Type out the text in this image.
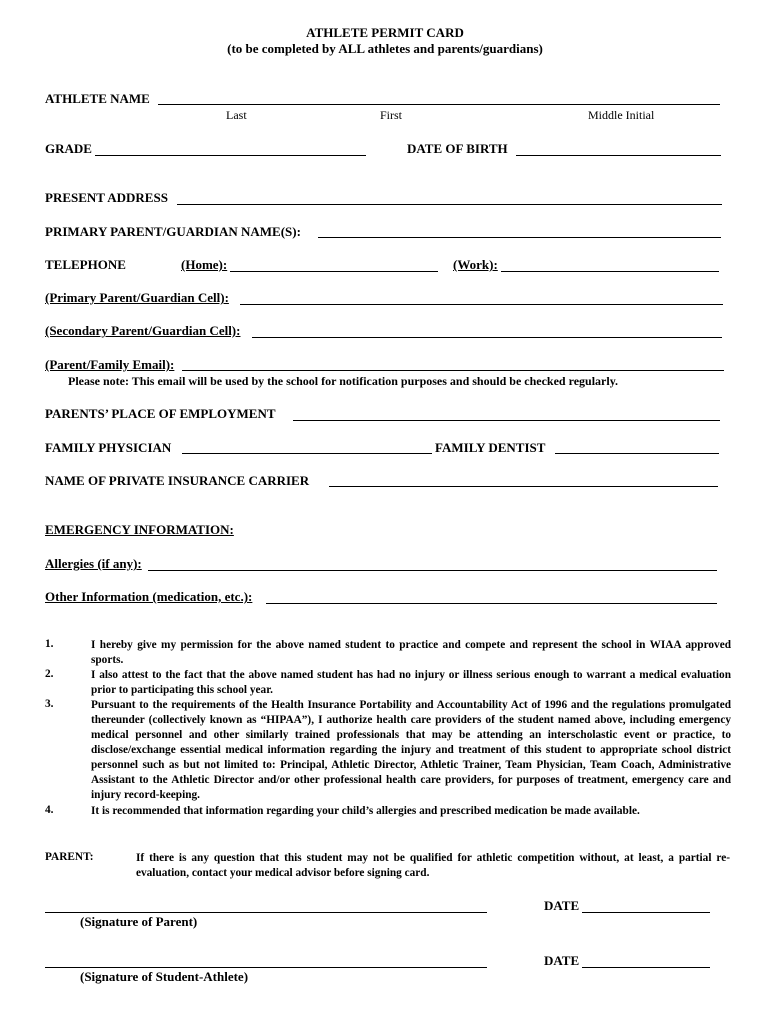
ATHLETE PERMIT CARD
(to be completed by ALL athletes and parents/guardians)
ATHLETE NAME
Last	First	Middle Initial
GRADE	DATE OF BIRTH
PRESENT ADDRESS
PRIMARY PARENT/GUARDIAN NAME(S):
TELEPHONE	(Home):	(Work):
(Primary Parent/Guardian Cell):
(Secondary Parent/Guardian Cell):
(Parent/Family Email):
Please note: This email will be used by the school for notification purposes and should be checked regularly.
PARENTS’ PLACE OF EMPLOYMENT
FAMILY PHYSICIAN	FAMILY DENTIST
NAME OF PRIVATE INSURANCE CARRIER
EMERGENCY INFORMATION:
Allergies (if any):
Other Information (medication, etc.):
1.	I hereby give my permission for the above named student to practice and compete and represent the school in WIAA approved sports.
2.	I also attest to the fact that the above named student has had no injury or illness serious enough to warrant a medical evaluation prior to participating this school year.
3.	Pursuant to the requirements of the Health Insurance Portability and Accountability Act of 1996 and the regulations promulgated thereunder (collectively known as “HIPAA”), I authorize health care providers of the student named above, including emergency medical personnel and other similarly trained professionals that may be attending an interscholastic event or practice, to disclose/exchange essential medical information regarding the injury and treatment of this student to appropriate school district personnel such as but not limited to: Principal, Athletic Director, Athletic Trainer, Team Physician, Team Coach, Administrative Assistant to the Athletic Director and/or other professional health care providers, for purposes of treatment, emergency care and injury record-keeping.
4.	It is recommended that information regarding your child’s allergies and prescribed medication be made available.
PARENT:	If there is any question that this student may not be qualified for athletic competition without, at least, a partial re-evaluation, contact your medical advisor before signing card.
(Signature of Parent)
DATE
(Signature of Student-Athlete)
DATE
